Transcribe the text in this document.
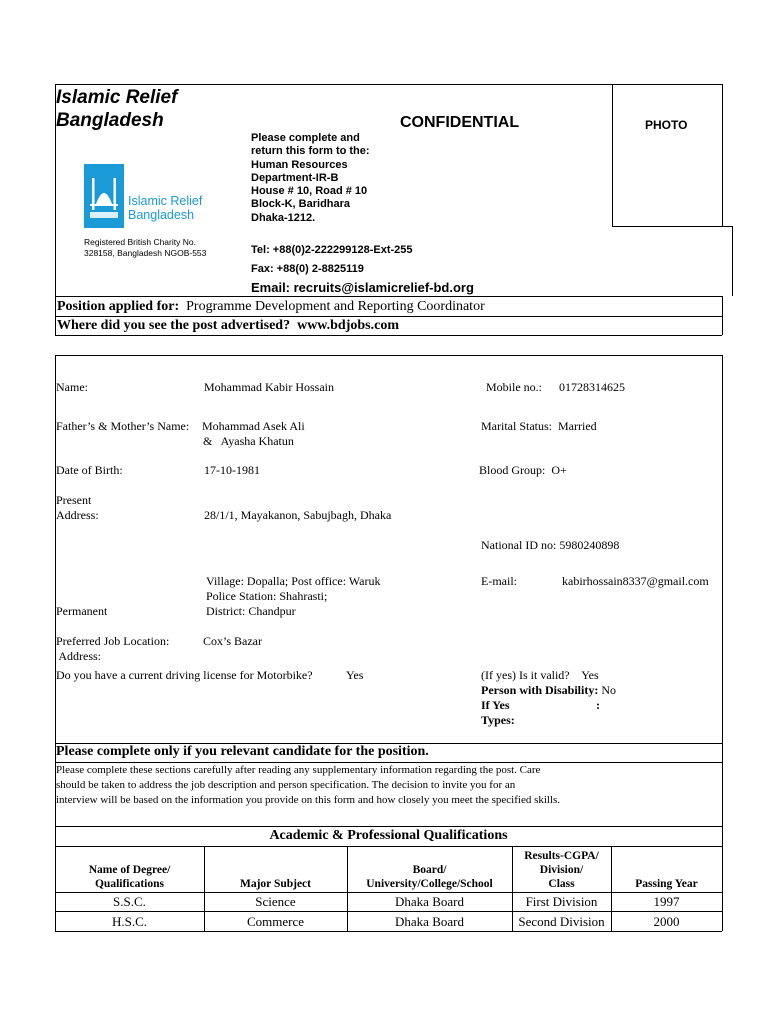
Islamic Relief
Bangladesh	CONFIDENTIAL	PHOTO
Please complete and
return this form to the:
Human Resources
Department-IR-B
House # 10, Road # 10
Block-K, Baridhara
Dhaka-1212.
Islamic Relief
Bangladesh
Registered British Charity No.
328158, Bangladesh NGOB-553	Tel: +88(0)2-222299128-Ext-255
Fax: +88(0) 2-8825119
Email: recruits@islamicrelief-bd.org
Position applied for: Programme Development and Reporting Coordinator
Where did you see the post advertised? www.bdjobs.com
Name:	Mohammad Kabir Hossain	Mobile no.: 01728314625
Father’s & Mother’s Name: Mohammad Asek Ali
&   Ayasha Khatun
Marital Status: Married
Date of Birth:	17-10-1981	Blood Group: O+
Present
Address:	28/1/1, Mayakanon, Sabujbagh, Dhaka
National ID no: 5980240898

Permanent

Address:

Village: Dopalla; Post office: Waruk
Police Station: Shahrasti;
District: Chandpur
E-mail:	kabirhossain8337@gmail.com
Preferred Job Location:	Cox’s Bazar
Do you have a current driving license for Motorbike?	Yes	(If yes) Is it valid? Yes
Person with Disability: No
If Yes	:
Types:
Please complete only if you relevant candidate for the position.
Please complete these sections carefully after reading any supplementary information regarding the post. Care
should be taken to address the job description and person specification. The decision to invite you for an
interview will be based on the information you provide on this form and how closely you meet the specified skills.
Academic & Professional Qualifications
Name of Degree/
Qualifications	Major Subject
Board/
University/College/School
Results-CGPA/
Division/
Class	Passing Year
S.S.C.	Science	Dhaka Board	First Division	1997
H.S.C.	Commerce	Dhaka Board	Second Division	2000
